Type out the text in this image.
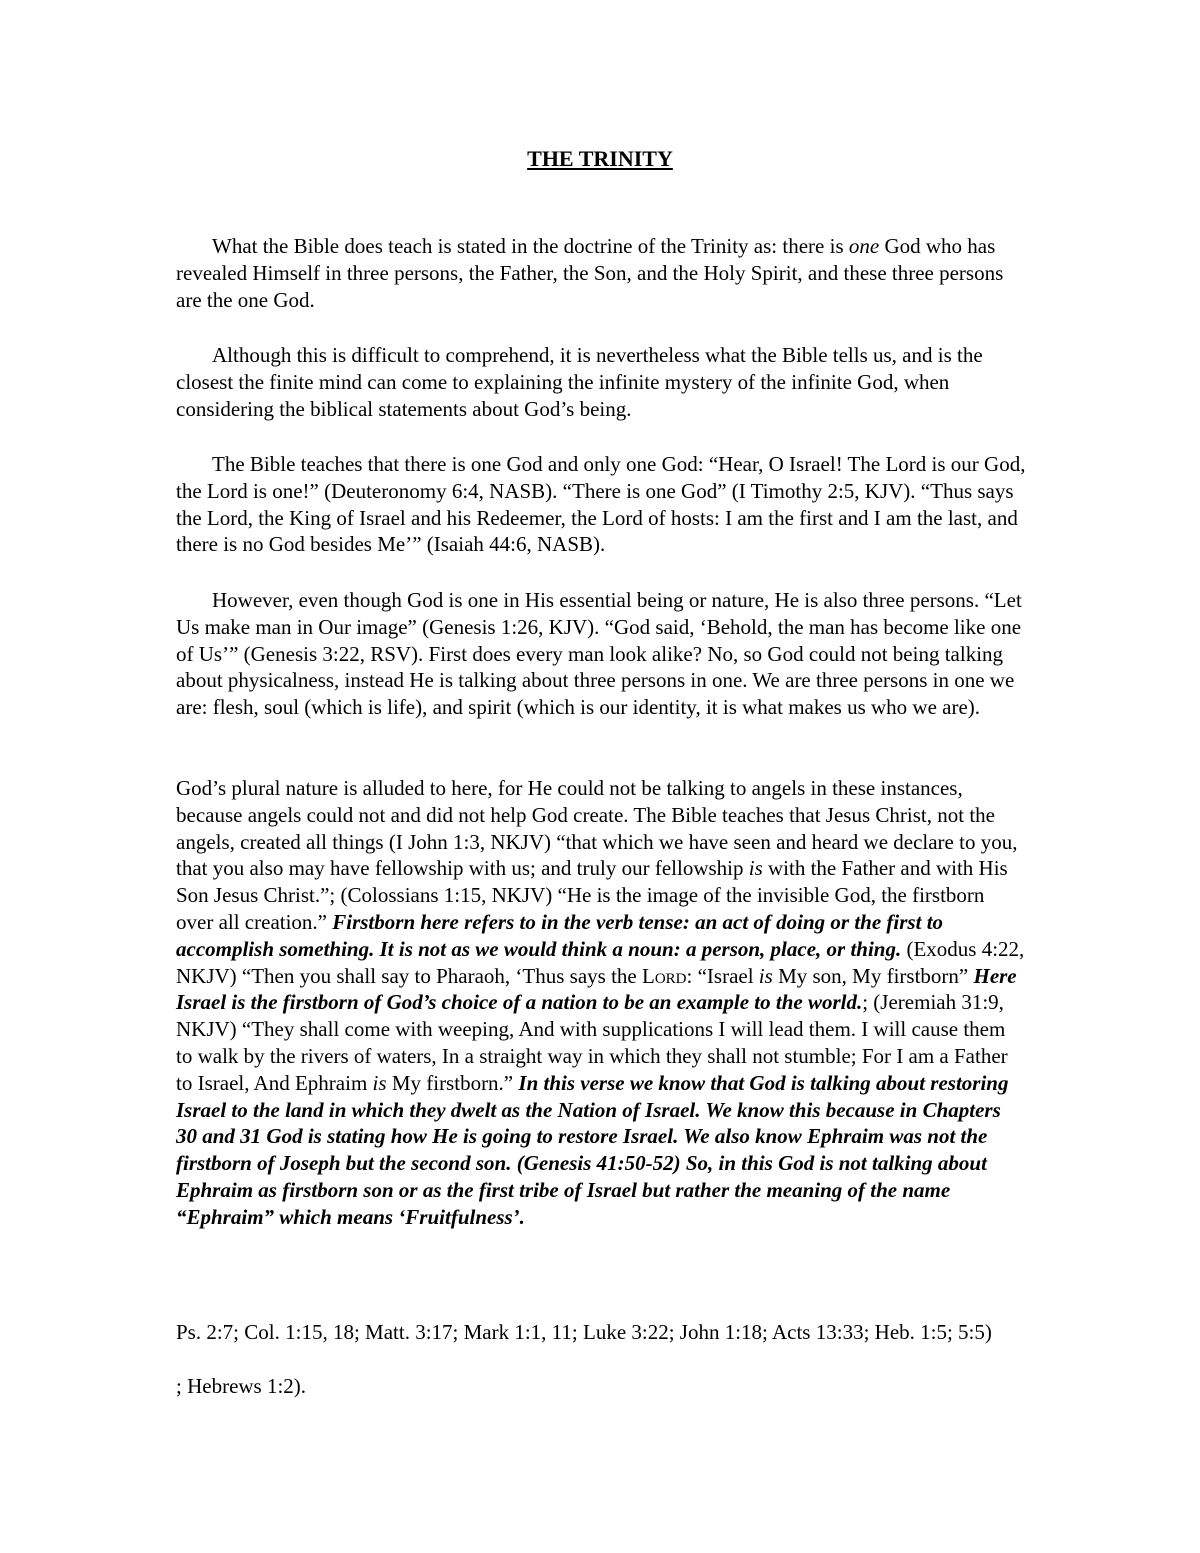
THE TRINITY

What the Bible does teach is stated in the doctrine of the Trinity as: there is one God who has revealed Himself in three persons, the Father, the Son, and the Holy Spirit, and these three persons are the one God.

Although this is difficult to comprehend, it is nevertheless what the Bible tells us, and is the closest the finite mind can come to explaining the infinite mystery of the infinite God, when considering the biblical statements about God’s being.

The Bible teaches that there is one God and only one God: “Hear, O Israel! The Lord is our God, the Lord is one!” (Deuteronomy 6:4, NASB). “There is one God” (I Timothy 2:5, KJV). “Thus says the Lord, the King of Israel and his Redeemer, the Lord of hosts: I am the first and I am the last, and there is no God besides Me’” (Isaiah 44:6, NASB).

However, even though God is one in His essential being or nature, He is also three persons. “Let Us make man in Our image” (Genesis 1:26, KJV). “God said, ‘Behold, the man has become like one of Us’” (Genesis 3:22, RSV). First does every man look alike? No, so God could not being talking about physicalness, instead He is talking about three persons in one. We are three persons in one we are: flesh, soul (which is life), and spirit (which is our identity, it is what makes us who we are).

God’s plural nature is alluded to here, for He could not be talking to angels in these instances, because angels could not and did not help God create. The Bible teaches that Jesus Christ, not the angels, created all things (I John 1:3, NKJV) “that which we have seen and heard we declare to you, that you also may have fellowship with us; and truly our fellowship is with the Father and with His Son Jesus Christ.”; (Colossians 1:15, NKJV) “He is the image of the invisible God, the firstborn over all creation.” Firstborn here refers to in the verb tense: an act of doing or the first to accomplish something. It is not as we would think a noun: a person, place, or thing. (Exodus 4:22, NKJV) “Then you shall say to Pharaoh, ‘Thus says the Lord: “Israel is My son, My firstborn” Here Israel is the firstborn of God’s choice of a nation to be an example to the world.; (Jeremiah 31:9, NKJV) “They shall come with weeping, And with supplications I will lead them. I will cause them to walk by the rivers of waters, In a straight way in which they shall not stumble; For I am a Father to Israel, And Ephraim is My firstborn.” In this verse we know that God is talking about restoring Israel to the land in which they dwelt as the Nation of Israel. We know this because in Chapters 30 and 31 God is stating how He is going to restore Israel. We also know Ephraim was not the firstborn of Joseph but the second son. (Genesis 41:50-52) So, in this God is not talking about Ephraim as firstborn son or as the first tribe of Israel but rather the meaning of the name “Ephraim” which means ‘Fruitfulness’.

Ps. 2:7; Col. 1:15, 18; Matt. 3:17; Mark 1:1, 11; Luke 3:22; John 1:18; Acts 13:33; Heb. 1:5; 5:5)

; Hebrews 1:2).
